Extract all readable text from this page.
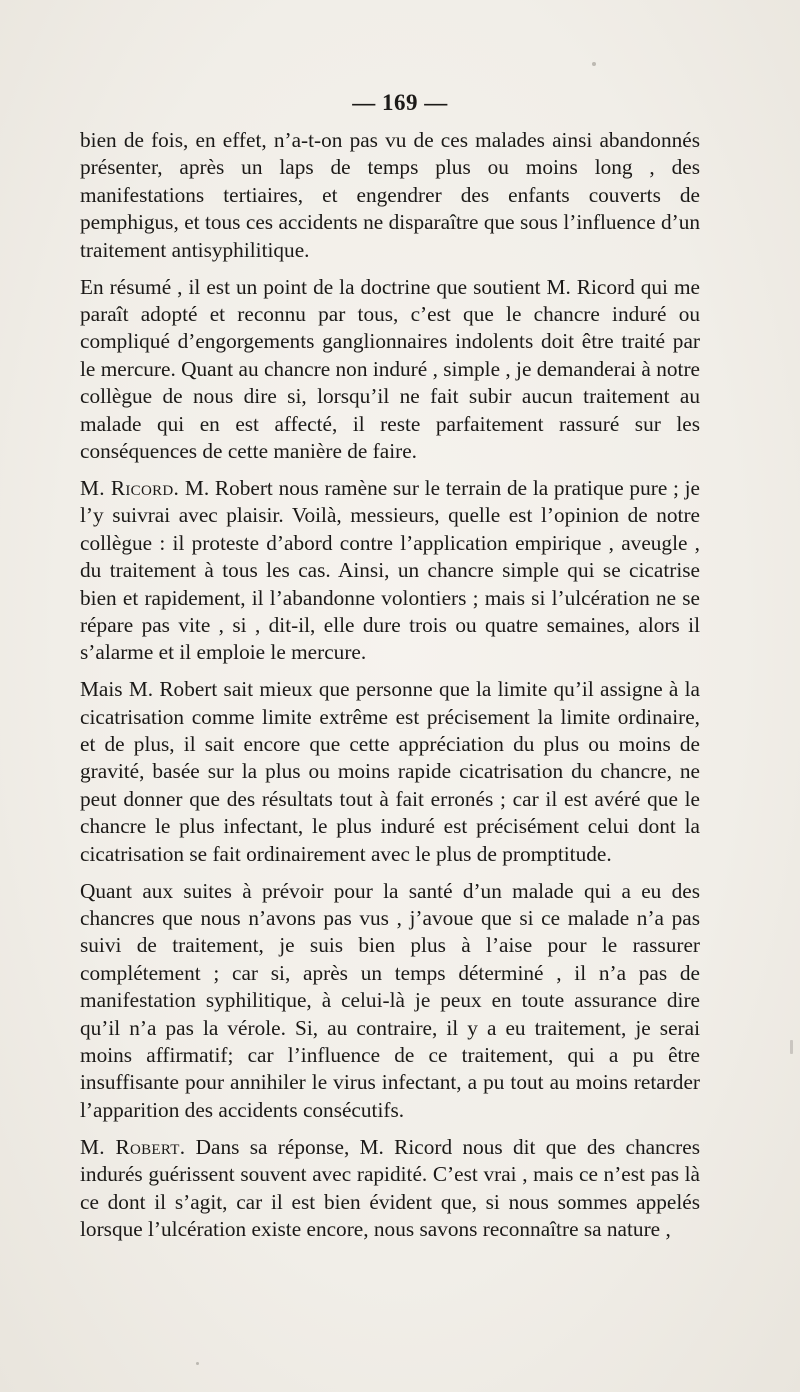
— 169 —

bien de fois, en effet, n’a-t-on pas vu de ces malades ainsi abandonnés présenter, après un laps de temps plus ou moins long , des manifestations tertiaires, et engendrer des enfants couverts de pemphigus, et tous ces accidents ne disparaître que sous l’influence d’un traitement antisyphilitique.

En résumé , il est un point de la doctrine que soutient M. Ricord qui me paraît adopté et reconnu par tous, c’est que le chancre induré ou compliqué d’engorgements ganglionnaires indolents doit être traité par le mercure. Quant au chancre non induré , simple , je demanderai à notre collègue de nous dire si, lorsqu’il ne fait subir aucun traitement au malade qui en est affecté, il reste parfaitement rassuré sur les conséquences de cette manière de faire.

M. Ricord. M. Robert nous ramène sur le terrain de la pratique pure ; je l’y suivrai avec plaisir. Voilà, messieurs, quelle est l’opinion de notre collègue : il proteste d’abord contre l’application empirique , aveugle , du traitement à tous les cas. Ainsi, un chancre simple qui se cicatrise bien et rapidement, il l’abandonne volontiers ; mais si l’ulcération ne se répare pas vite , si , dit-il, elle dure trois ou quatre semaines, alors il s’alarme et il emploie le mercure.

Mais M. Robert sait mieux que personne que la limite qu’il assigne à la cicatrisation comme limite extrême est précisement la limite ordinaire, et de plus, il sait encore que cette appréciation du plus ou moins de gravité, basée sur la plus ou moins rapide cicatrisation du chancre, ne peut donner que des résultats tout à fait erronés ; car il est avéré que le chancre le plus infectant, le plus induré est précisément celui dont la cicatrisation se fait ordinairement avec le plus de promptitude.

Quant aux suites à prévoir pour la santé d’un malade qui a eu des chancres que nous n’avons pas vus , j’avoue que si ce malade n’a pas suivi de traitement, je suis bien plus à l’aise pour le rassurer complétement ; car si, après un temps déterminé , il n’a pas de manifestation syphilitique, à celui-là je peux en toute assurance dire qu’il n’a pas la vérole. Si, au contraire, il y a eu traitement, je serai moins affirmatif; car l’influence de ce traitement, qui a pu être insuffisante pour annihiler le virus infectant, a pu tout au moins retarder l’apparition des accidents consécutifs.

M. Robert. Dans sa réponse, M. Ricord nous dit que des chancres indurés guérissent souvent avec rapidité. C’est vrai , mais ce n’est pas là ce dont il s’agit, car il est bien évident que, si nous sommes appelés lorsque l’ulcération existe encore, nous savons reconnaître sa nature ,
